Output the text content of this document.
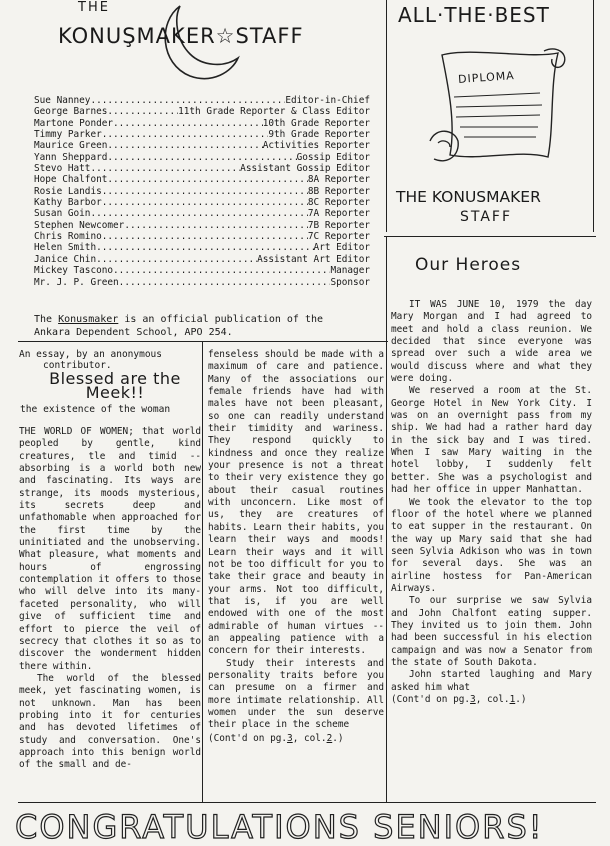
THE
KONUŞMAKER☆STAFF
Sue Nanney .....	Editor-in-Chief
George Barnes .....	11th Grade Reporter & Class Editor
Martone Ponder .....	10th Grade Reporter
Timmy Parker .....	9th Grade Reporter
Maurice Green .....	Activities Reporter
Yann Sheppard .....	Gossip Editor
Stevo Hatt .....	Assistant Gossip Editor
Hope Chalfont .....	8A Reporter
Rosie Landis .....	8B Reporter
Kathy Barbor .....	8C Reporter
Susan Goin .....	7A Reporter
Stephen Newcomer .....	7B Reporter
Chris Romino .....	7C Reporter
Helen Smith .....	Art Editor
Janice Chin .....	Assistant Art Editor
Mickey Tascono .....	Manager
Mr. J. P. Green .....	Sponsor
The Konusmaker is an official publication of the
Ankara Dependent School, APO 254.
ALL·THE·BEST
DIPLOMA
THE KONUSMAKER
STAFF
An essay, by an anonymous
contributor.
Blessed are the Meek!!
the existence of the woman

THE WORLD OF WOMEN; that world peopled by gentle, kind creatures, tle and timid -- absorbing is a world both new and fascinating. Its ways are strange, its moods mysterious, its secrets deep and unfathomable when approached for the first time by the uninitiated and the unobserving. What pleasure, what moments and hours of engrossing contemplation it offers to those who will delve into its many-faceted personality, who will give of sufficient time and effort to pierce the veil of secrecy that clothes it so as to discover the wonderment hidden there within.

The world of the blessed meek, yet fascinating women, is not unknown. Man has been probing into it for centuries and has devoted lifetimes of study and conversation. One's approach into this benign world of the small and de-

fenseless should be made with a maximum of care and patience. Many of the associations our female friends have had with males have not been pleasant, so one can readily understand their timidity and wariness. They respond quickly to kindness and once they realize your presence is not a threat to their very existence they go about their casual routines with unconcern. Like most of us, they are creatures of habits. Learn their habits, you learn their ways and moods! Learn their ways and it will not be too difficult for you to take their grace and beauty in your arms. Not too difficult, that is, if you are well endowed with one of the most admirable of human virtues -- an appealing patience with a concern for their interests.

Study their interests and personality traits before you can presume on a firmer and more intimate relationship. All women under the sun deserve their place in the scheme

(Cont'd on pg.3, col.2.)
Our Heroes

IT WAS JUNE 10, 1979 the day Mary Morgan and I had agreed to meet and hold a class reunion. We decided that since everyone was spread over such a wide area we would discuss where and what they were doing.

We reserved a room at the St. George Hotel in New York City. I was on an overnight pass from my ship. We had had a rather hard day in the sick bay and I was tired. When I saw Mary waiting in the hotel lobby, I suddenly felt better. She was a psychologist and had her office in upper Manhattan.

We took the elevator to the top floor of the hotel where we planned to eat supper in the restaurant. On the way up Mary said that she had seen Sylvia Adkison who was in town for several days. She was an airline hostess for Pan-American Airways.

To our surprise we saw Sylvia and John Chalfont eating supper. They invited us to join them. John had been successful in his election campaign and was now a Senator from the state of South Dakota.

John started laughing and Mary asked him what

(Cont'd on pg.3, col.1.)
CONGRATULATIONS SENIORS!
